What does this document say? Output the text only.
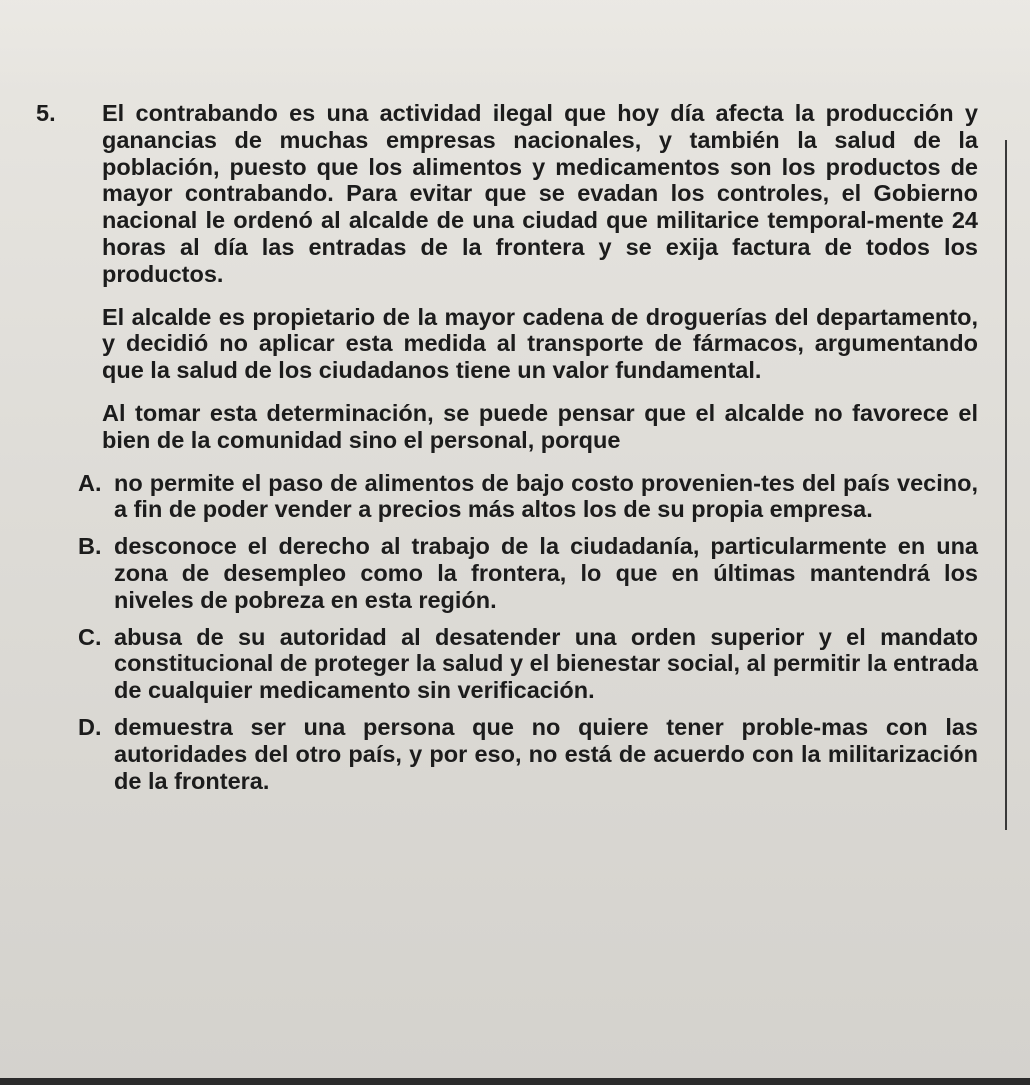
5.	El contrabando es una actividad ilegal que hoy día afecta la producción y ganancias de muchas empresas nacionales, y también la salud de la población, puesto que los alimentos y medicamentos son los productos de mayor contrabando. Para evitar que se evadan los controles, el Gobierno nacional le ordenó al alcalde de una ciudad que militarice temporal-mente 24 horas al día las entradas de la frontera y se exija factura de todos los productos.

El alcalde es propietario de la mayor cadena de droguerías del departamento, y decidió no aplicar esta medida al transporte de fármacos, argumentando que la salud de los ciudadanos tiene un valor fundamental.

Al tomar esta determinación, se puede pensar que el alcalde no favorece el bien de la comunidad sino el personal, porque

A. no permite el paso de alimentos de bajo costo provenien-tes del país vecino, a fin de poder vender a precios más altos los de su propia empresa.
B. desconoce el derecho al trabajo de la ciudadanía, particularmente en una zona de desempleo como la frontera, lo que en últimas mantendrá los niveles de pobreza en esta región.
C. abusa de su autoridad al desatender una orden superior y el mandato constitucional de proteger la salud y el bienestar social, al permitir la entrada de cualquier medicamento sin verificación.
D. demuestra ser una persona que no quiere tener proble-mas con las autoridades del otro país, y por eso, no está de acuerdo con la militarización de la frontera.
